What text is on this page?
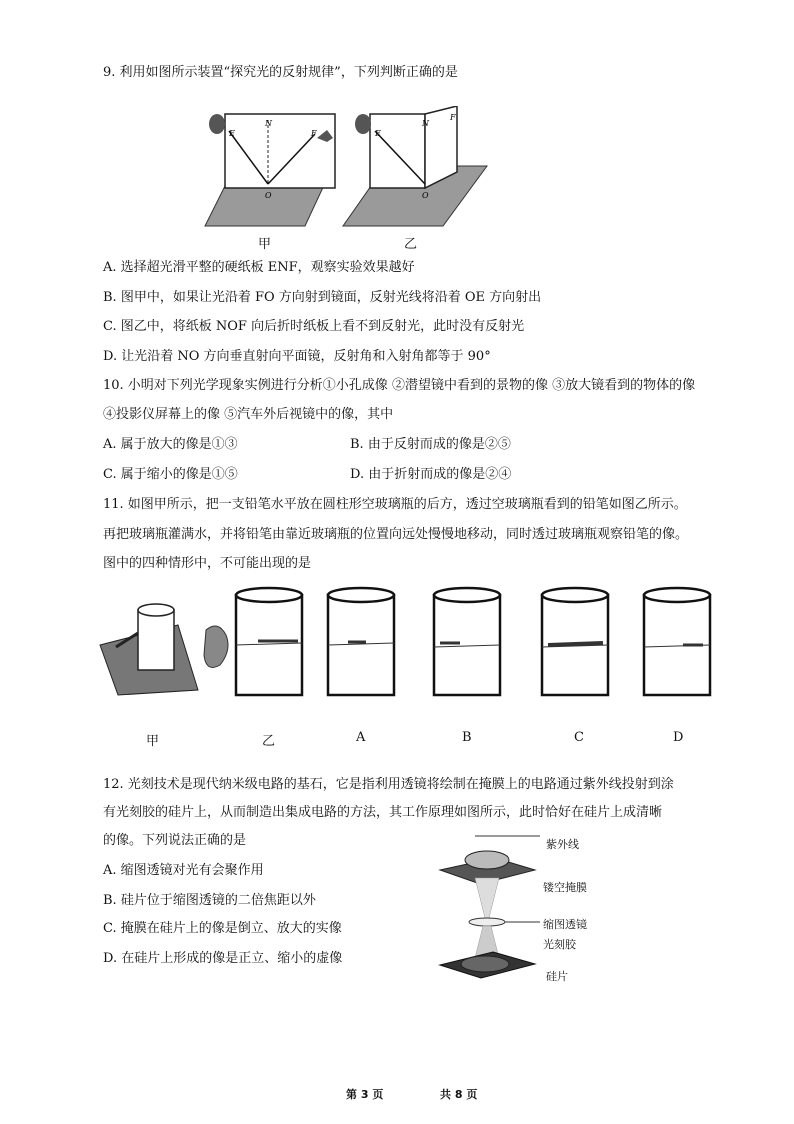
9. 利用如图所示装置“探究光的反射规律”，下列判断正确的是
E	F
N
O
E
F
N
O
甲	乙
A. 选择超光滑平整的硬纸板 ENF，观察实验效果越好
B. 图甲中，如果让光沿着 FO 方向射到镜面，反射光线将沿着 OE 方向射出
C. 图乙中，将纸板 NOF 向后折时纸板上看不到反射光，此时没有反射光
D. 让光沿着 NO 方向垂直射向平面镜，反射角和入射角都等于 90°
10. 小明对下列光学现象实例进行分析①小孔成像 ②潜望镜中看到的景物的像 ③放大镜看到的物体的像
④投影仪屏幕上的像 ⑤汽车外后视镜中的像，其中
A. 属于放大的像是①③	B. 由于反射而成的像是②⑤
C. 属于缩小的像是①⑤	D. 由于折射而成的像是②④
11. 如图甲所示，把一支铅笔水平放在圆柱形空玻璃瓶的后方，透过空玻璃瓶看到的铅笔如图乙所示。
再把玻璃瓶灌满水，并将铅笔由靠近玻璃瓶的位置向远处慢慢地移动，同时透过玻璃瓶观察铅笔的像。
图中的四种情形中，不可能出现的是
甲	乙	A	B	C	D
12. 光刻技术是现代纳米级电路的基石，它是指利用透镜将绘制在掩膜上的电路通过紫外线投射到涂
有光刻胶的硅片上，从而制造出集成电路的方法，其工作原理如图所示，此时恰好在硅片上成清晰
的像。下列说法正确的是
A. 缩图透镜对光有会聚作用
B. 硅片位于缩图透镜的二倍焦距以外
C. 掩膜在硅片上的像是倒立、放大的实像
D. 在硅片上形成的像是正立、缩小的虚像
紫外线
镂空掩膜
缩图透镜
光刻胶
硅片
第 3 页	共 8 页
